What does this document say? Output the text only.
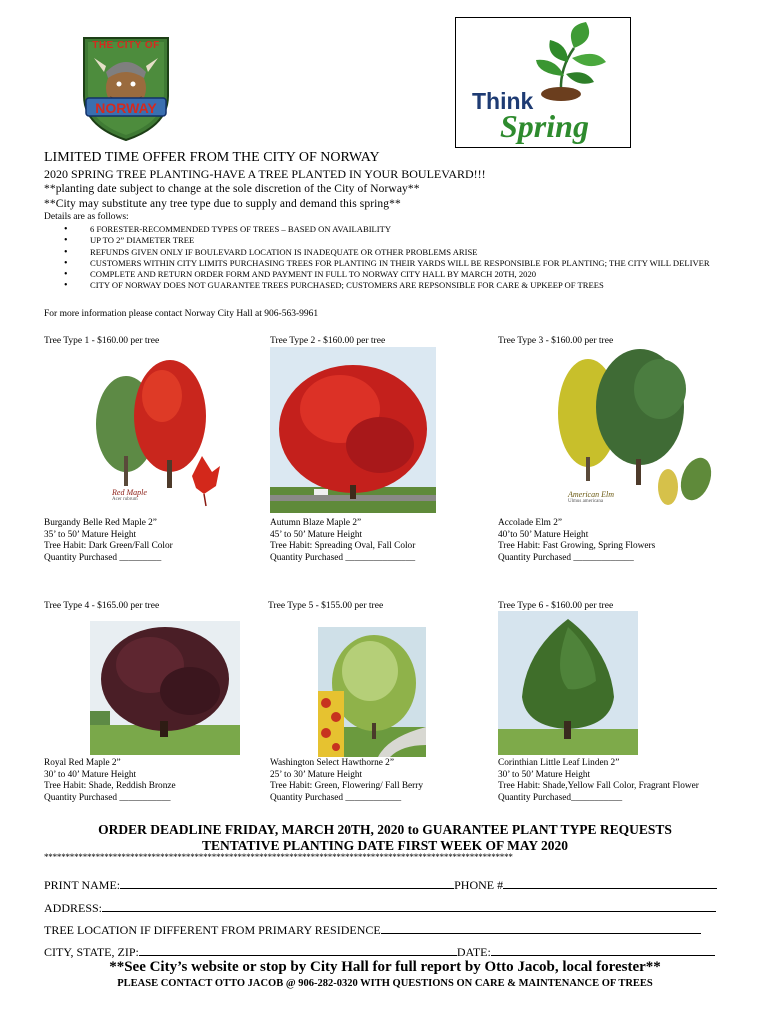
THE CITY OF
NORWAY	Think
Spring
LIMITED TIME OFFER FROM THE CITY OF NORWAY
2020 SPRING TREE PLANTING-HAVE A TREE PLANTED IN YOUR BOULEVARD!!!
**planting date subject to change at the sole discretion of the City of Norway**
**City may substitute any tree type due to supply and demand this spring**
Details are as follows:
• 6 FORESTER-RECOMMENDED TYPES OF TREES – BASED ON AVAILABILITY
• UP TO 2” DIAMETER TREE
• REFUNDS GIVEN ONLY IF BOULEVARD LOCATION IS INADEQUATE OR OTHER PROBLEMS ARISE
• CUSTOMERS WITHIN CITY LIMITS PURCHASING TREES FOR PLANTING IN THEIR YARDS WILL BE RESPONSIBLE FOR PLANTING; THE CITY WILL DELIVER
• COMPLETE AND RETURN ORDER FORM AND PAYMENT IN FULL TO NORWAY CITY HALL BY MARCH 20TH, 2020
• CITY OF NORWAY DOES NOT GUARANTEE TREES PURCHASED; CUSTOMERS ARE REPSONSIBLE FOR CARE & UPKEEP OF TREES
For more information please contact Norway City Hall at 906-563-9961
Tree Type 1 - $160.00 per tree	Tree Type 2 - $160.00 per tree	Tree Type 3 - $160.00 per tree
Red Maple
Acer rubrum
American Elm
Ulmus americana
Burgandy Belle Red Maple 2”
35’ to 50’ Mature Height
Tree Habit: Dark Green/Fall Color
Quantity Purchased _________
Autumn Blaze Maple 2”
45’ to 50’ Mature Height
Tree Habit: Spreading Oval, Fall Color
Quantity Purchased _______________
Accolade Elm 2”
40’to 50’ Mature Height
Tree Habit: Fast Growing, Spring Flowers
Quantity Purchased _____________
Tree Type 4 - $165.00 per tree	Tree Type 5 - $155.00 per tree	Tree Type 6 - $160.00 per tree
Royal Red Maple 2”
30’ to 40’ Mature Height
Tree Habit: Shade, Reddish Bronze
Quantity Purchased ___________
Washington Select Hawthorne 2”
25’ to 30’ Mature Height
Tree Habit: Green, Flowering/ Fall Berry
Quantity Purchased ____________
Corinthian Little Leaf Linden 2”
30’ to 50’ Mature Height
Tree Habit: Shade,Yellow Fall Color, Fragrant Flower
Quantity Purchased___________
ORDER DEADLINE FRIDAY, MARCH 20TH, 2020 to GUARANTEE PLANT TYPE REQUESTS
TENTATIVE PLANTING DATE FIRST WEEK OF MAY 2020
*************************************************************************************************************
PRINT NAME:	PHONE #
ADDRESS:
TREE LOCATION IF DIFFERENT FROM PRIMARY RESIDENCE
CITY, STATE, ZIP:	DATE:
**See City’s website or stop by City Hall for full report by Otto Jacob, local forester**
PLEASE CONTACT OTTO JACOB @ 906-282-0320 WITH QUESTIONS ON CARE & MAINTENANCE OF TREES
